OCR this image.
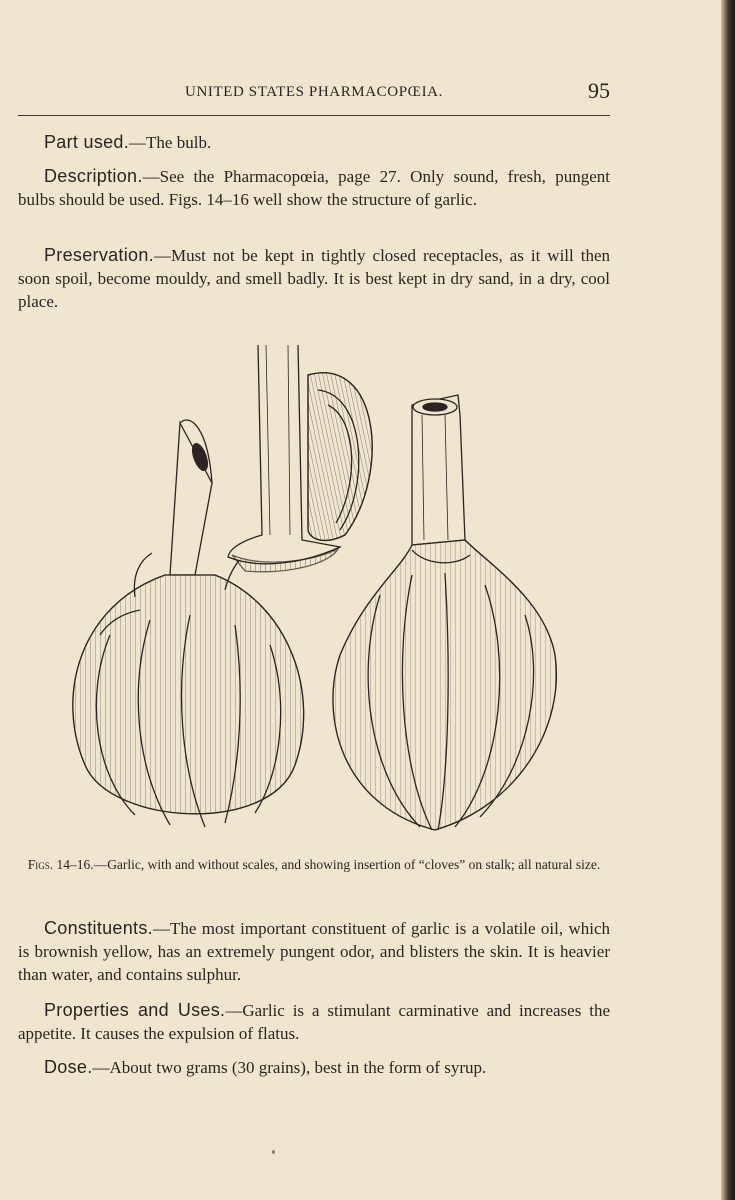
UNITED STATES PHARMACOPŒIA.	95

Part used.—The bulb.

Description.—See the Pharmacopœia, page 27. Only sound, fresh, pungent bulbs should be used. Figs. 14–16 well show the structure of garlic.

Preservation.—Must not be kept in tightly closed receptacles, as it will then soon spoil, become mouldy, and smell badly. It is best kept in dry sand, in a dry, cool place.

Figs. 14–16.—Garlic, with and without scales, and showing insertion of “cloves” on stalk; all natural size.

Constituents.—The most important constituent of garlic is a volatile oil, which is brownish yellow, has an extremely pungent odor, and blisters the skin. It is heavier than water, and contains sulphur.

Properties and Uses.—Garlic is a stimulant carminative and increases the appetite. It causes the expulsion of flatus.

Dose.—About two grams (30 grains), best in the form of syrup.
